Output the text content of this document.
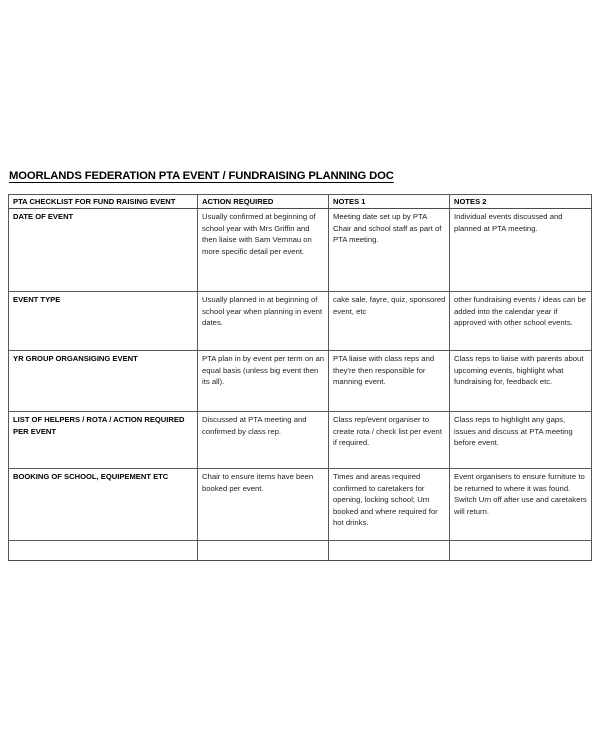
MOORLANDS FEDERATION PTA EVENT / FUNDRAISING PLANNING DOC
PTA CHECKLIST FOR FUND RAISING EVENT	ACTION REQUIRED	NOTES 1	NOTES 2
DATE OF EVENT	Usually confirmed at beginning of school year with Mrs Griffin and then liaise with Sam Vernnau on more specific detail per event.	Meeting date set up by PTA Chair and school staff as part of PTA meeting.	Individual events discussed and planned at PTA meeting.
EVENT TYPE	Usually planned in at beginning of school year when planning in event dates.	cake sale, fayre, quiz, sponsored event, etc	other fundraising events / ideas can be added into the calendar year if approved with other school events.
YR GROUP ORGANSIGING EVENT	PTA plan in by event per term on an equal basis (unless big event then its all).	PTA liaise with class reps and they're then responsible for manning event.	Class reps to liaise with parents about upcoming events, highlight what fundraising for, feedback etc.
LIST OF HELPERS / ROTA / ACTION REQUIRED PER EVENT	Discussed at PTA meeting and confirmed by class rep.	Class rep/event organiser to create rota / check list per event if required.	Class reps to highlight any gaps, issues and discuss at PTA meeting before event.
BOOKING OF SCHOOL, EQUIPEMENT ETC	Chair to ensure items have been booked per event.	Times and areas required confirmed to caretakers for opening, locking school; Urn booked and where required for hot drinks.	Event organisers to ensure furniture to be returned to where it was found. Switch Urn off after use and caretakers will return.
